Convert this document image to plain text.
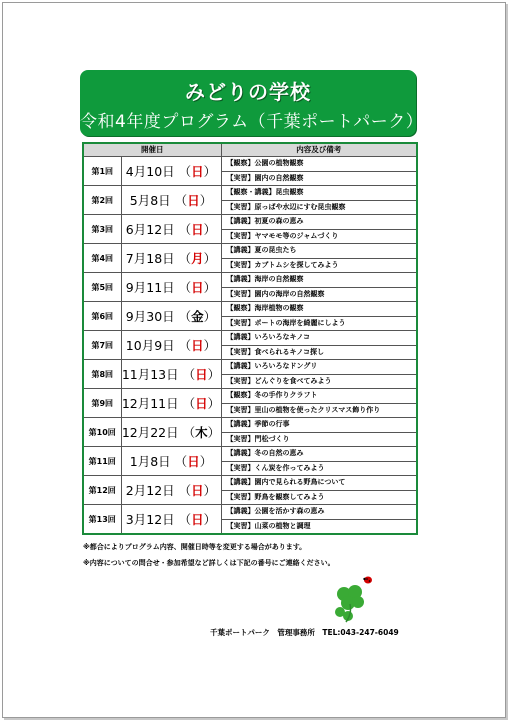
みどりの学校
令和4年度プログラム（千葉ポートパーク）
開催日		内容及び備考
第1回	4月10日 （日）	【観察】公園の植物観察
		【実習】園内の自然観察
第2回	5月8日 （日）	【観察・講義】昆虫観察
		【実習】原っぱや水辺にすむ昆虫観察
第3回	6月12日 （日）	【講義】初夏の森の恵み
		【実習】ヤマモモ等のジャムづくり
第4回	7月18日 （月）	【講義】夏の昆虫たち
		【実習】カブトムシを探してみよう
第5回	9月11日 （日）	【講義】海岸の自然観察
		【実習】園内の海岸の自然観察
第6回	9月30日 （金）	【観察】海岸植物の観察
		【実習】ポートの海岸を綺麗にしよう
第7回	10月9日 （日）	【講義】いろいろなキノコ
		【実習】食べられるキノコ探し
第8回	11月13日 （日）	【講義】いろいろなドングリ
		【実習】どんぐりを食べてみよう
第9回	12月11日 （日）	【観察】冬の手作りクラフト
		【実習】里山の植物を使ったクリスマス飾り作り
第10回	12月22日 （木）	【講義】季節の行事
		【実習】門松づくり
第11回	1月8日 （日）	【講義】冬の自然の恵み
		【実習】くん炭を作ってみよう
第12回	2月12日 （日）	【講義】園内で見られる野鳥について
		【実習】野鳥を観察してみよう
第13回	3月12日 （日）	【講義】公園を活かす森の恵み
		【実習】山菜の植物と調理
※都合によりプログラム内容、開催日時等を変更する場合があります。
※内容についての問合せ・参加希望など詳しくは下記の番号にご連絡ください。
千葉ポートパーク　管理事務所　TEL:043-247-6049
